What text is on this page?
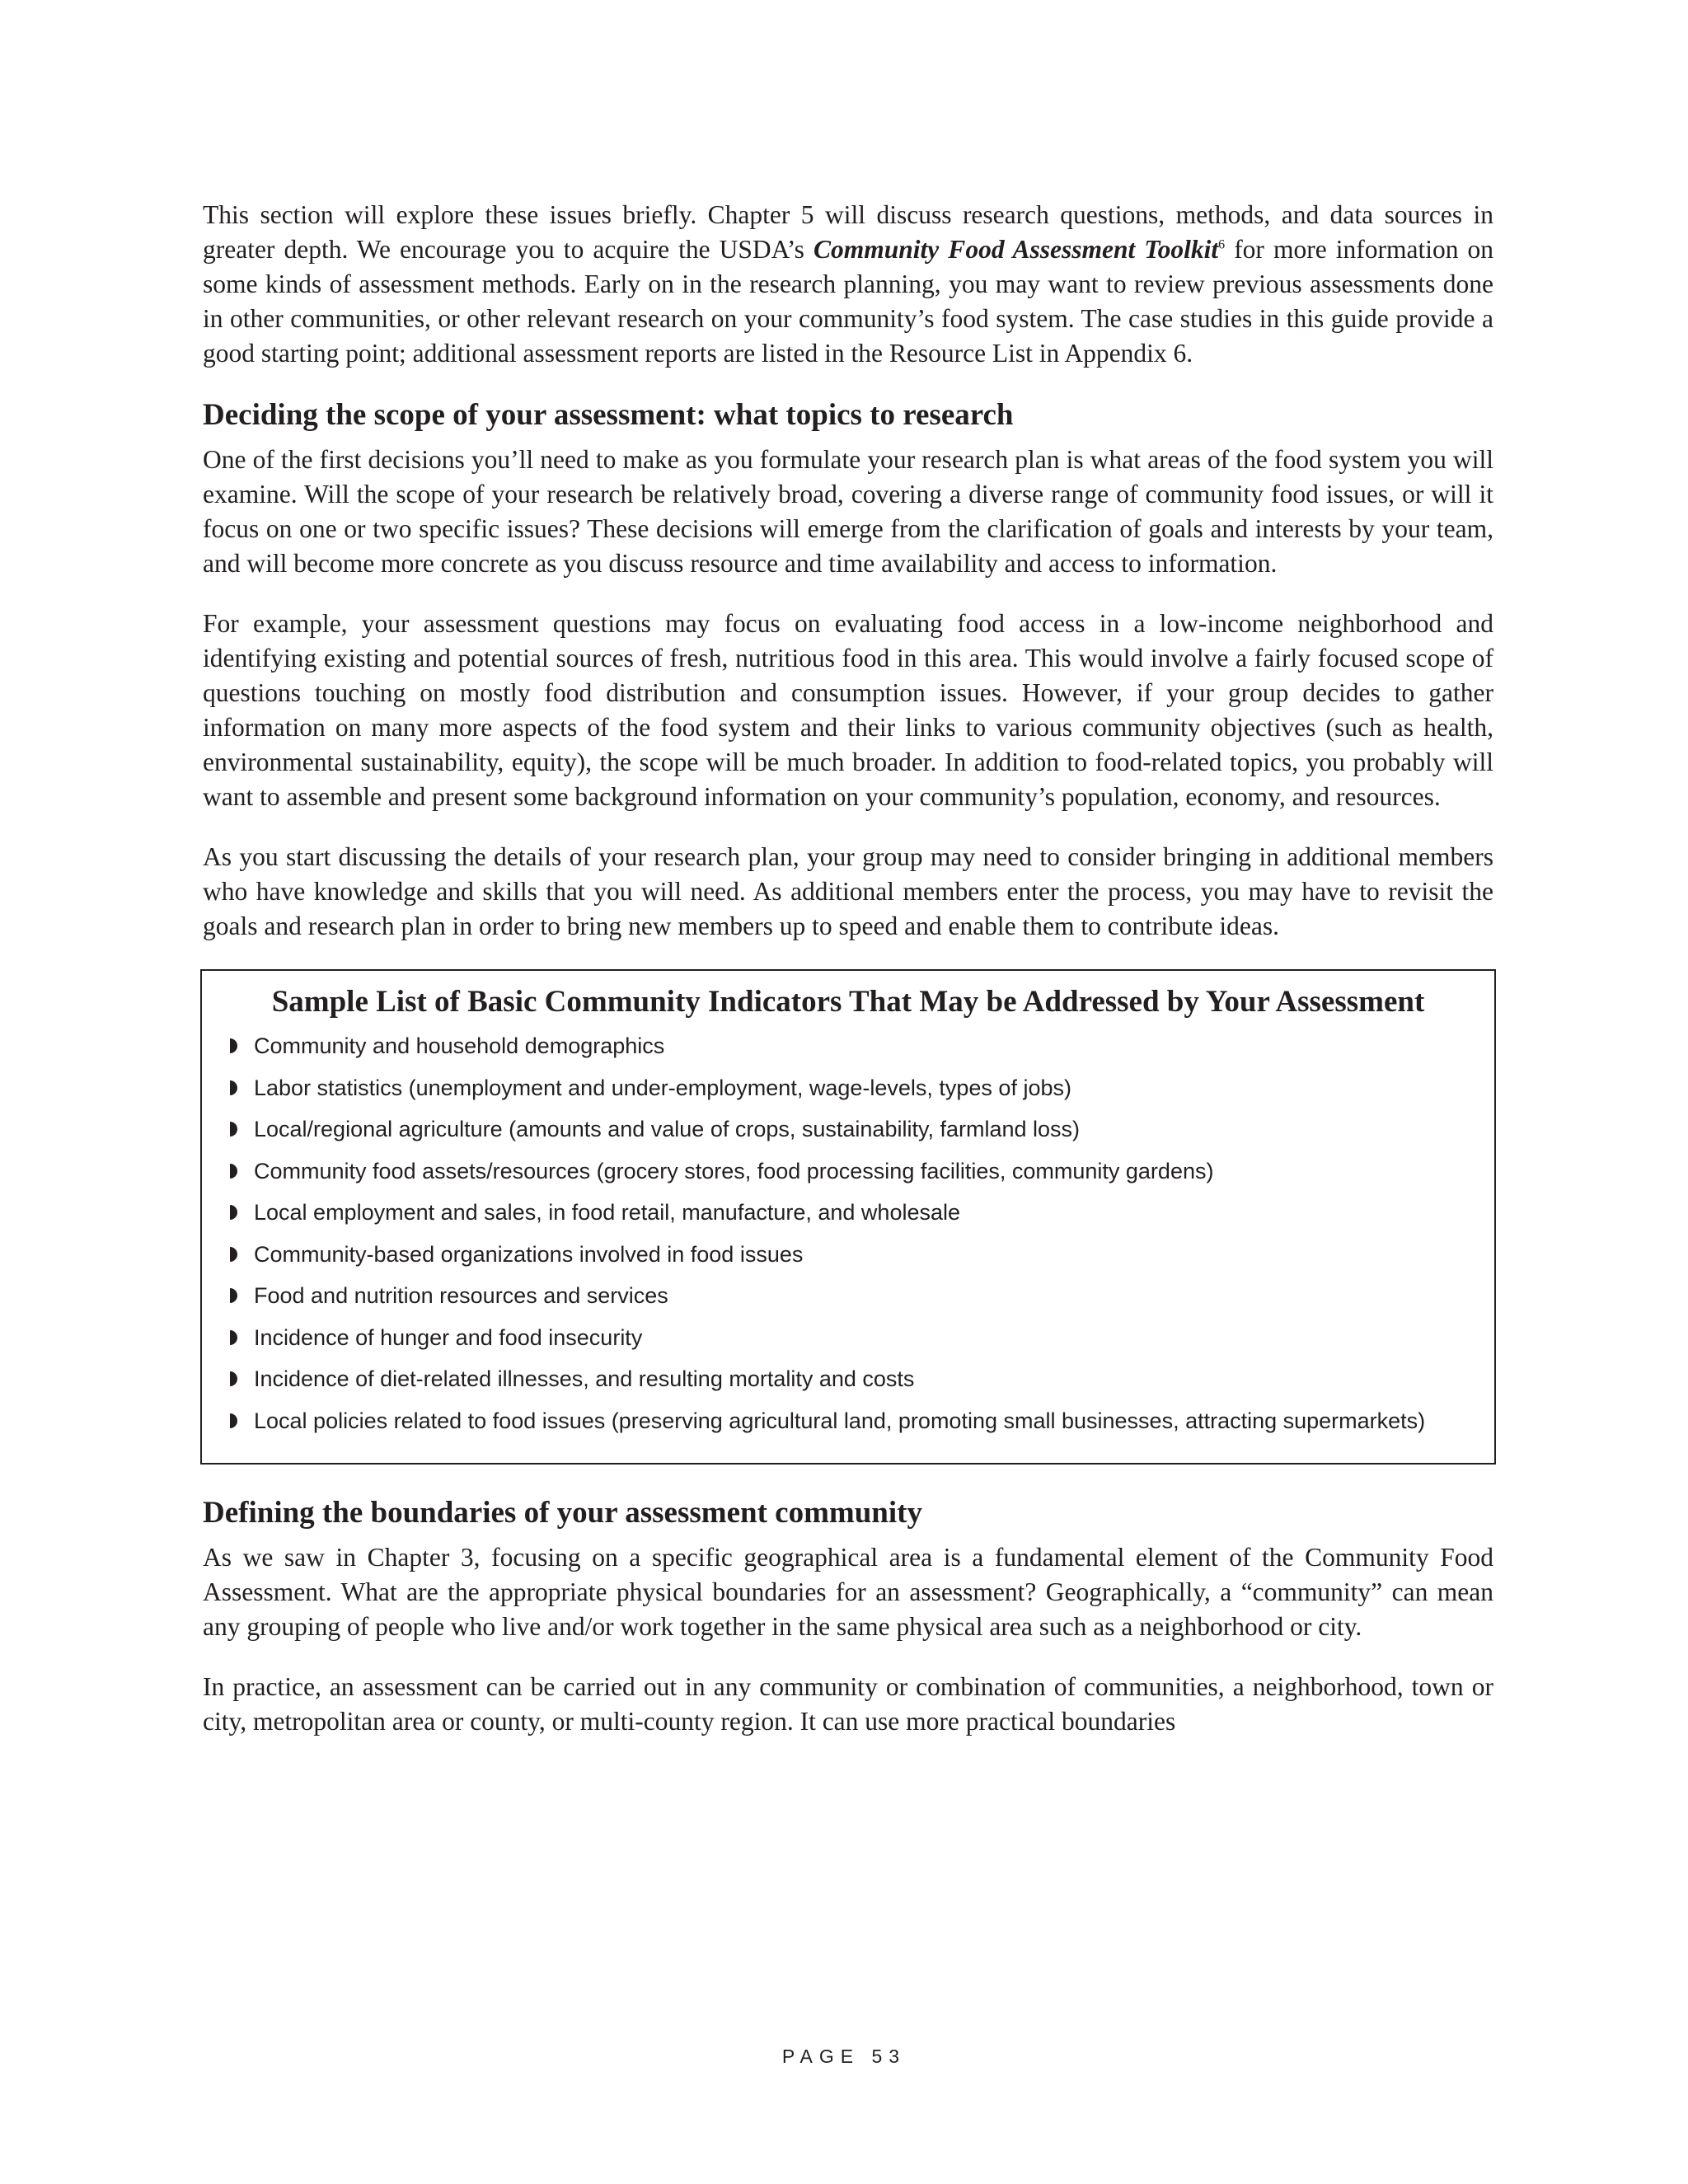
This section will explore these issues briefly. Chapter 5 will discuss research questions, methods, and data sources in greater depth. We encourage you to acquire the USDA’s Community Food Assessment Toolkit$^6$ for more information on some kinds of assessment methods. Early on in the research planning, you may want to review previous assessments done in other communities, or other relevant research on your community’s food system. The case studies in this guide provide a good starting point; additional assessment reports are listed in the Resource List in Appendix 6.

Deciding the scope of your assessment: what topics to research

One of the first decisions you’ll need to make as you formulate your research plan is what areas of the food system you will examine. Will the scope of your research be relatively broad, covering a diverse range of community food issues, or will it focus on one or two specific issues? These decisions will emerge from the clarification of goals and interests by your team, and will become more concrete as you discuss resource and time availability and access to information.

For example, your assessment questions may focus on evaluating food access in a low-income neighborhood and identifying existing and potential sources of fresh, nutritious food in this area. This would involve a fairly focused scope of questions touching on mostly food distribution and consumption issues. However, if your group decides to gather information on many more aspects of the food system and their links to various community objectives (such as health, environmental sustainability, equity), the scope will be much broader. In addition to food-related topics, you probably will want to assemble and present some background information on your community’s population, economy, and resources.

As you start discussing the details of your research plan, your group may need to consider bringing in additional members who have knowledge and skills that you will need. As additional members enter the process, you may have to revisit the goals and research plan in order to bring new members up to speed and enable them to contribute ideas.

Sample List of Basic Community Indicators That May be Addressed by Your Assessment
Community and household demographics
Labor statistics (unemployment and under-employment, wage-levels, types of jobs)
Local/regional agriculture (amounts and value of crops, sustainability, farmland loss)
Community food assets/resources (grocery stores, food processing facilities, community gardens)
Local employment and sales, in food retail, manufacture, and wholesale
Community-based organizations involved in food issues
Food and nutrition resources and services
Incidence of hunger and food insecurity
Incidence of diet-related illnesses, and resulting mortality and costs
Local policies related to food issues (preserving agricultural land, promoting small businesses, attracting supermarkets)
Defining the boundaries of your assessment community

As we saw in Chapter 3, focusing on a specific geographical area is a fundamental element of the Community Food Assessment. What are the appropriate physical boundaries for an assessment? Geographically, a “community” can mean any grouping of people who live and/or work together in the same physical area such as a neighborhood or city.

In practice, an assessment can be carried out in any community or combination of communities, a neighborhood, town or city, metropolitan area or county, or multi-county region. It can use more practical boundaries

PAGE 53
